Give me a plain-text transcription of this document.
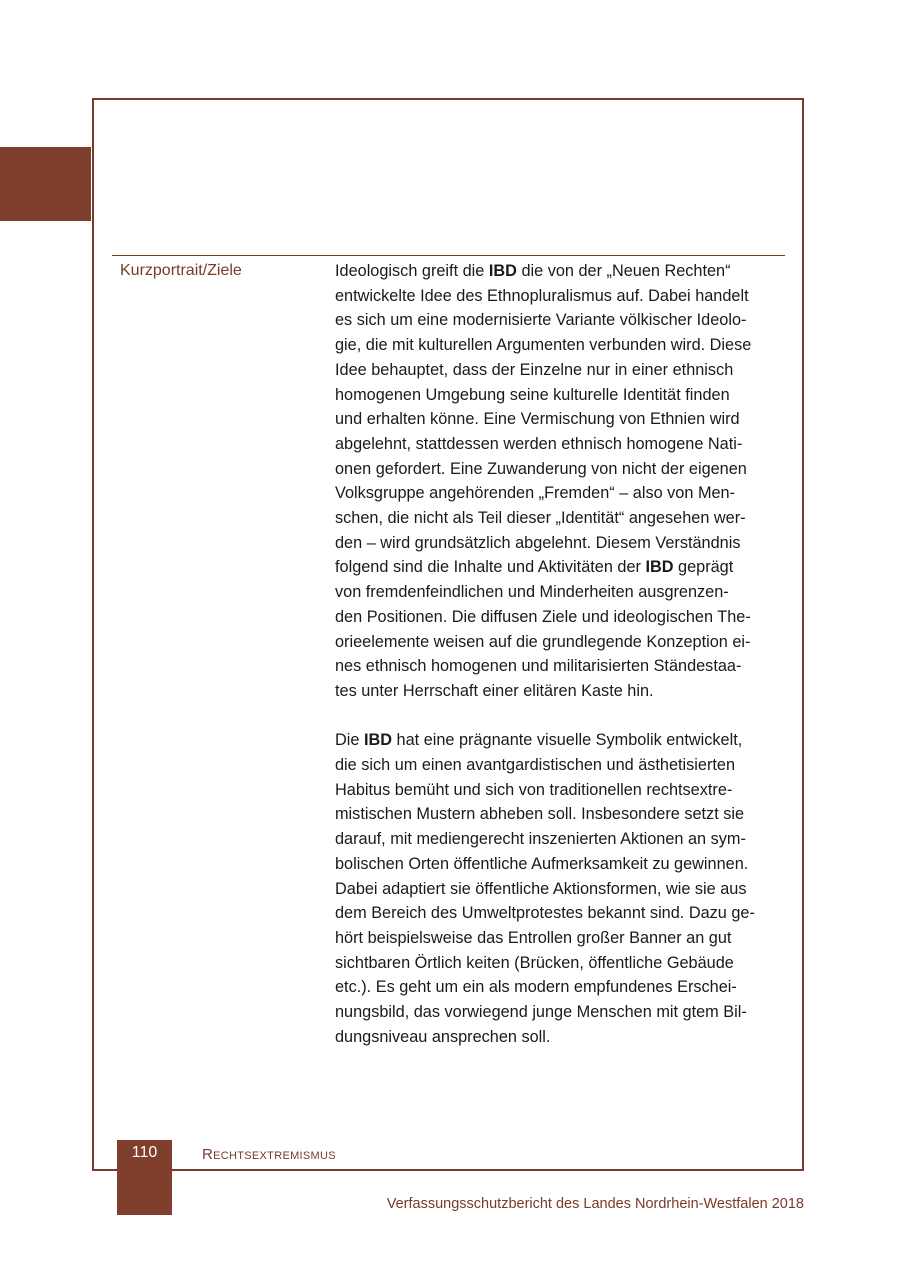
Kurzportrait/Ziele	Ideologisch greift die IBD die von der „Neuen Rechten“
entwickelte Idee des Ethnopluralismus auf. Dabei handelt
es sich um eine modernisierte Variante völkischer Ideolo-
gie, die mit kulturellen Argumenten verbunden wird. Diese
Idee behauptet, dass der Einzelne nur in einer ethnisch
homogenen Umgebung seine kulturelle Identität finden
und erhalten könne. Eine Vermischung von Ethnien wird
abgelehnt, stattdessen werden ethnisch homogene Nati-
onen gefordert. Eine Zuwanderung von nicht der eigenen
Volksgruppe angehörenden „Fremden“ – also von Men-
schen, die nicht als Teil dieser „Identität“ angesehen wer-
den – wird grundsätzlich abgelehnt. Diesem Verständnis
folgend sind die Inhalte und Aktivitäten der IBD geprägt
von fremdenfeindlichen und Minderheiten ausgrenzen-
den Positionen. Die diffusen Ziele und ideologischen The-
orieelemente weisen auf die grundlegende Konzeption ei-
nes ethnisch homogenen und militarisierten Ständestaa-
tes unter Herrschaft einer elitären Kaste hin.

Die IBD hat eine prägnante visuelle Symbolik entwickelt,
die sich um einen avantgardistischen und ästhetisierten
Habitus bemüht und sich von traditionellen rechtsextre-
mistischen Mustern abheben soll. Insbesondere setzt sie
darauf, mit mediengerecht inszenierten Aktionen an sym-
bolischen Orten öffentliche Aufmerksamkeit zu gewinnen.
Dabei adaptiert sie öffentliche Aktionsformen, wie sie aus
dem Bereich des Umweltprotestes bekannt sind. Dazu ge-
hört beispielsweise das Entrollen großer Banner an gut
sichtbaren Örtlich keiten (Brücken, öffentliche Gebäude
etc.). Es geht um ein als modern empfundenes Erschei-
nungsbild, das vorwiegend junge Menschen mit gtem Bil-
dungsniveau ansprechen soll.

110	Rechtsextremismus
Verfassungsschutzbericht des Landes Nordrhein-Westfalen 2018
